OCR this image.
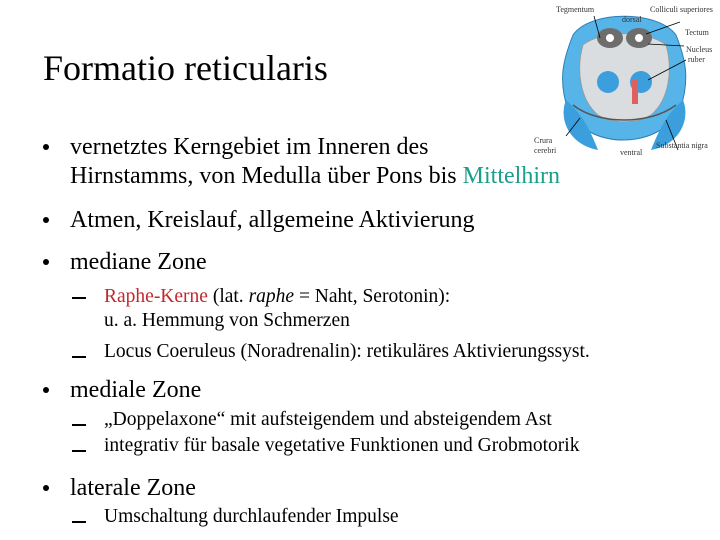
Formatio reticularis
Tegmentum	Colliculi superiores
dorsal
Tectum
Nucleus
ruber
Crura
cerebri	ventral
Substantia nigra
vernetztes Kerngebiet im Inneren des
Hirnstamms, von Medulla über Pons bis Mittelhirn
Atmen, Kreislauf, allgemeine Aktivierung
mediane Zone
Raphe-Kerne (lat. raphe = Naht, Serotonin):
u. a. Hemmung von Schmerzen
Locus Coeruleus (Noradrenalin): retikuläres Aktivierungssyst.
mediale Zone
„Doppelaxone“ mit aufsteigendem und absteigendem Ast
integrativ für basale vegetative Funktionen und Grobmotorik
laterale Zone
Umschaltung durchlaufender Impulse
